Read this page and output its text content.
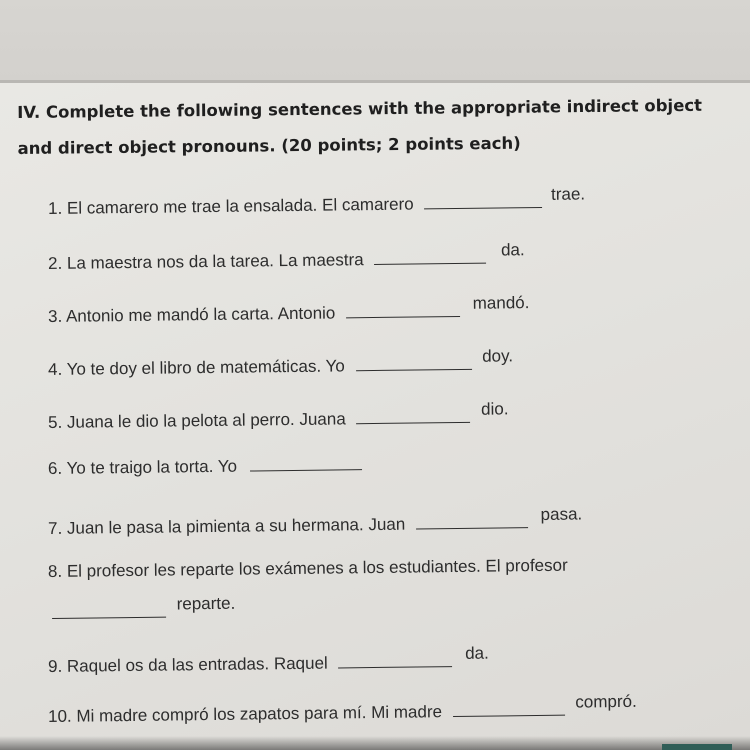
IV. Complete the following sentences with the appropriate indirect object and direct object pronouns. (20 points; 2 points each)

1. El camarero me trae la ensalada. El camarero  trae.
2. La maestra nos da la tarea. La maestra  da.
3. Antonio me mandó la carta. Antonio  mandó.
4. Yo te doy el libro de matemáticas. Yo  doy.
5. Juana le dio la pelota al perro. Juana  dio.
6. Yo te traigo la torta. Yo
7. Juan le pasa la pimienta a su hermana. Juan  pasa.
8. El profesor les reparte los exámenes a los estudiantes. El profesor
reparte.
9. Raquel os da las entradas. Raquel  da.
10. Mi madre compró los zapatos para mí. Mi madre  compró.
